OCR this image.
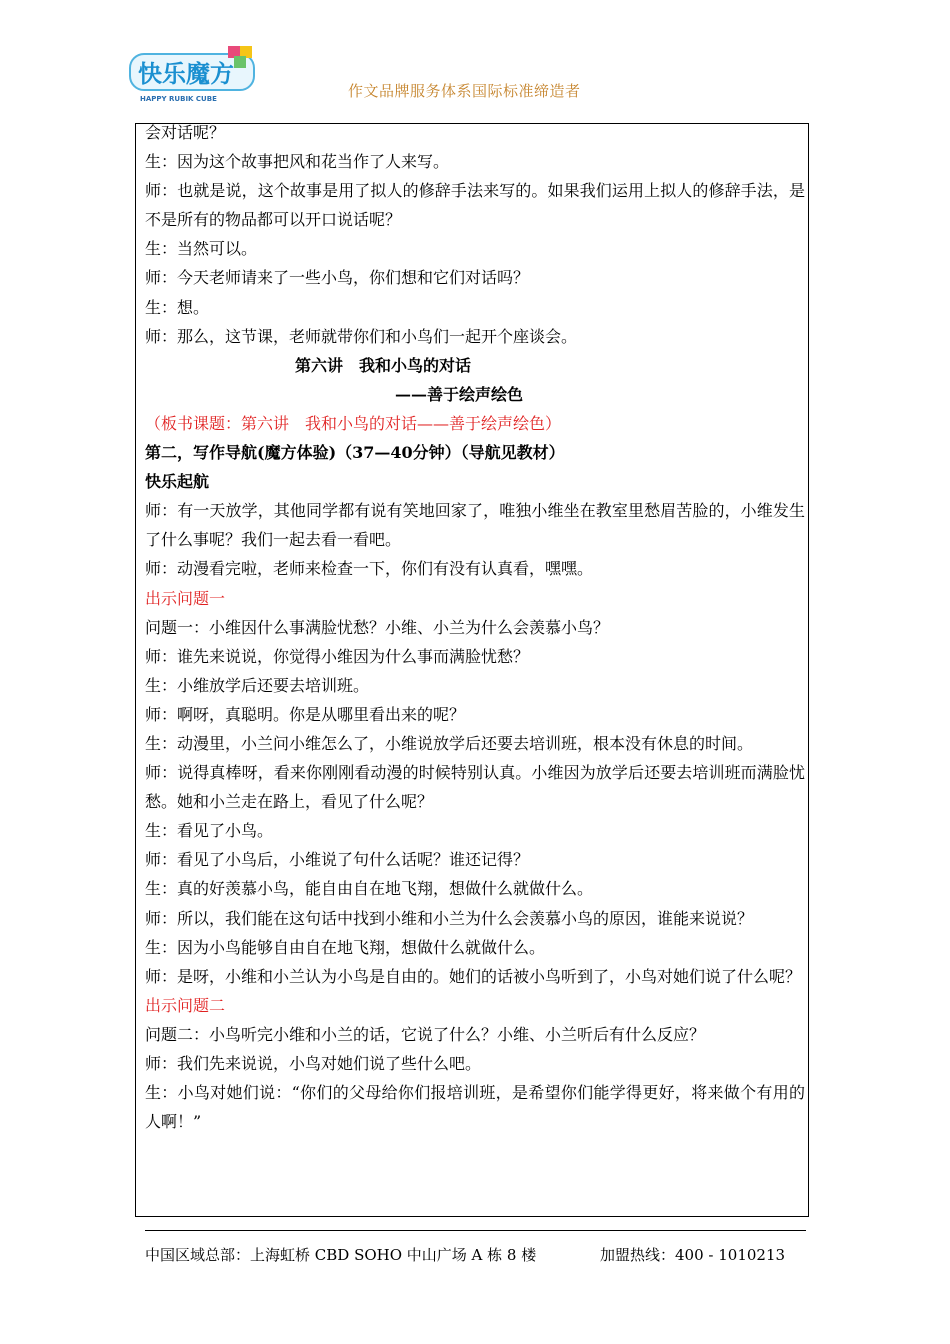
快乐魔方
HAPPY RUBIK CUBE	作文品牌服务体系国际标准缔造者

会对话呢？

生：因为这个故事把风和花当作了人来写。

师：也就是说，这个故事是用了拟人的修辞手法来写的。如果我们运用上拟人的修辞手法，是不是所有的物品都可以开口说话呢？

生：当然可以。

师：今天老师请来了一些小鸟，你们想和它们对话吗？

生：想。

师：那么，这节课，老师就带你们和小鸟们一起开个座谈会。

第六讲　我和小鸟的对话

——善于绘声绘色

（板书课题：第六讲　我和小鸟的对话——善于绘声绘色）

第二，写作导航(魔方体验)（37—40分钟）（导航见教材）

快乐起航

师：有一天放学，其他同学都有说有笑地回家了，唯独小维坐在教室里愁眉苦脸的，小维发生了什么事呢？我们一起去看一看吧。

师：动漫看完啦，老师来检查一下，你们有没有认真看，嘿嘿。

出示问题一

问题一：小维因什么事满脸忧愁？小维、小兰为什么会羡慕小鸟？

师：谁先来说说，你觉得小维因为什么事而满脸忧愁？

生：小维放学后还要去培训班。

师：啊呀，真聪明。你是从哪里看出来的呢？

生：动漫里，小兰问小维怎么了，小维说放学后还要去培训班，根本没有休息的时间。

师：说得真棒呀，看来你刚刚看动漫的时候特别认真。小维因为放学后还要去培训班而满脸忧愁。她和小兰走在路上，看见了什么呢？

生：看见了小鸟。

师：看见了小鸟后，小维说了句什么话呢？谁还记得？

生：真的好羡慕小鸟，能自由自在地飞翔，想做什么就做什么。

师：所以，我们能在这句话中找到小维和小兰为什么会羡慕小鸟的原因，谁能来说说？

生：因为小鸟能够自由自在地飞翔，想做什么就做什么。

师：是呀，小维和小兰认为小鸟是自由的。她们的话被小鸟听到了，小鸟对她们说了什么呢？

出示问题二

问题二：小鸟听完小维和小兰的话，它说了什么？小维、小兰听后有什么反应？

师：我们先来说说，小鸟对她们说了些什么吧。

生：小鸟对她们说：“你们的父母给你们报培训班，是希望你们能学得更好，将来做个有用的人啊！”

中国区域总部：上海虹桥 CBD SOHO 中山广场 A 栋 8 楼	加盟热线：400 - 1010213
